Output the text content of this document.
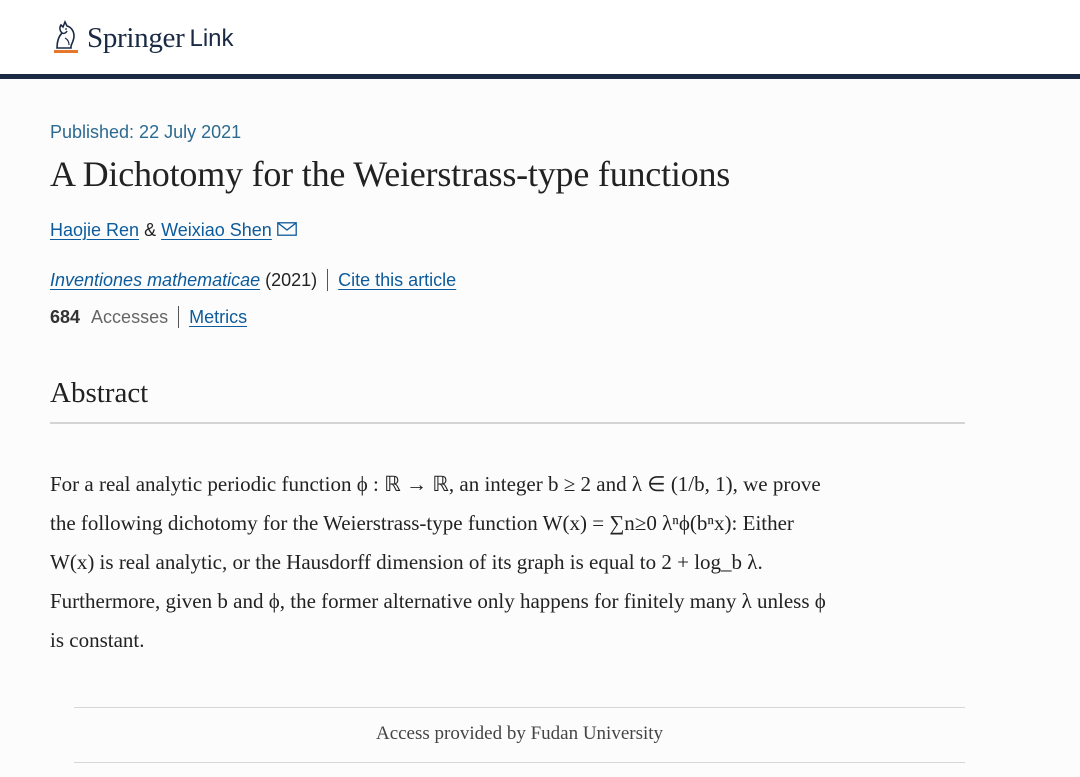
Springer Link
Published: 22 July 2021
A Dichotomy for the Weierstrass-type functions
Haojie Ren & Weixiao Shen
Inventiones mathematicae (2021) Cite this article
684 Accesses Metrics
Abstract
For a real analytic periodic function ϕ : ℝ → ℝ, an integer b ≥ 2 and λ ∈ (1/b, 1), we prove
the following dichotomy for the Weierstrass-type function W(x) = ∑n≥0 λⁿϕ(bⁿx): Either
W(x) is real analytic, or the Hausdorff dimension of its graph is equal to 2 + log_b λ.
Furthermore, given b and ϕ, the former alternative only happens for finitely many λ unless ϕ
is constant.
Access provided by Fudan University
